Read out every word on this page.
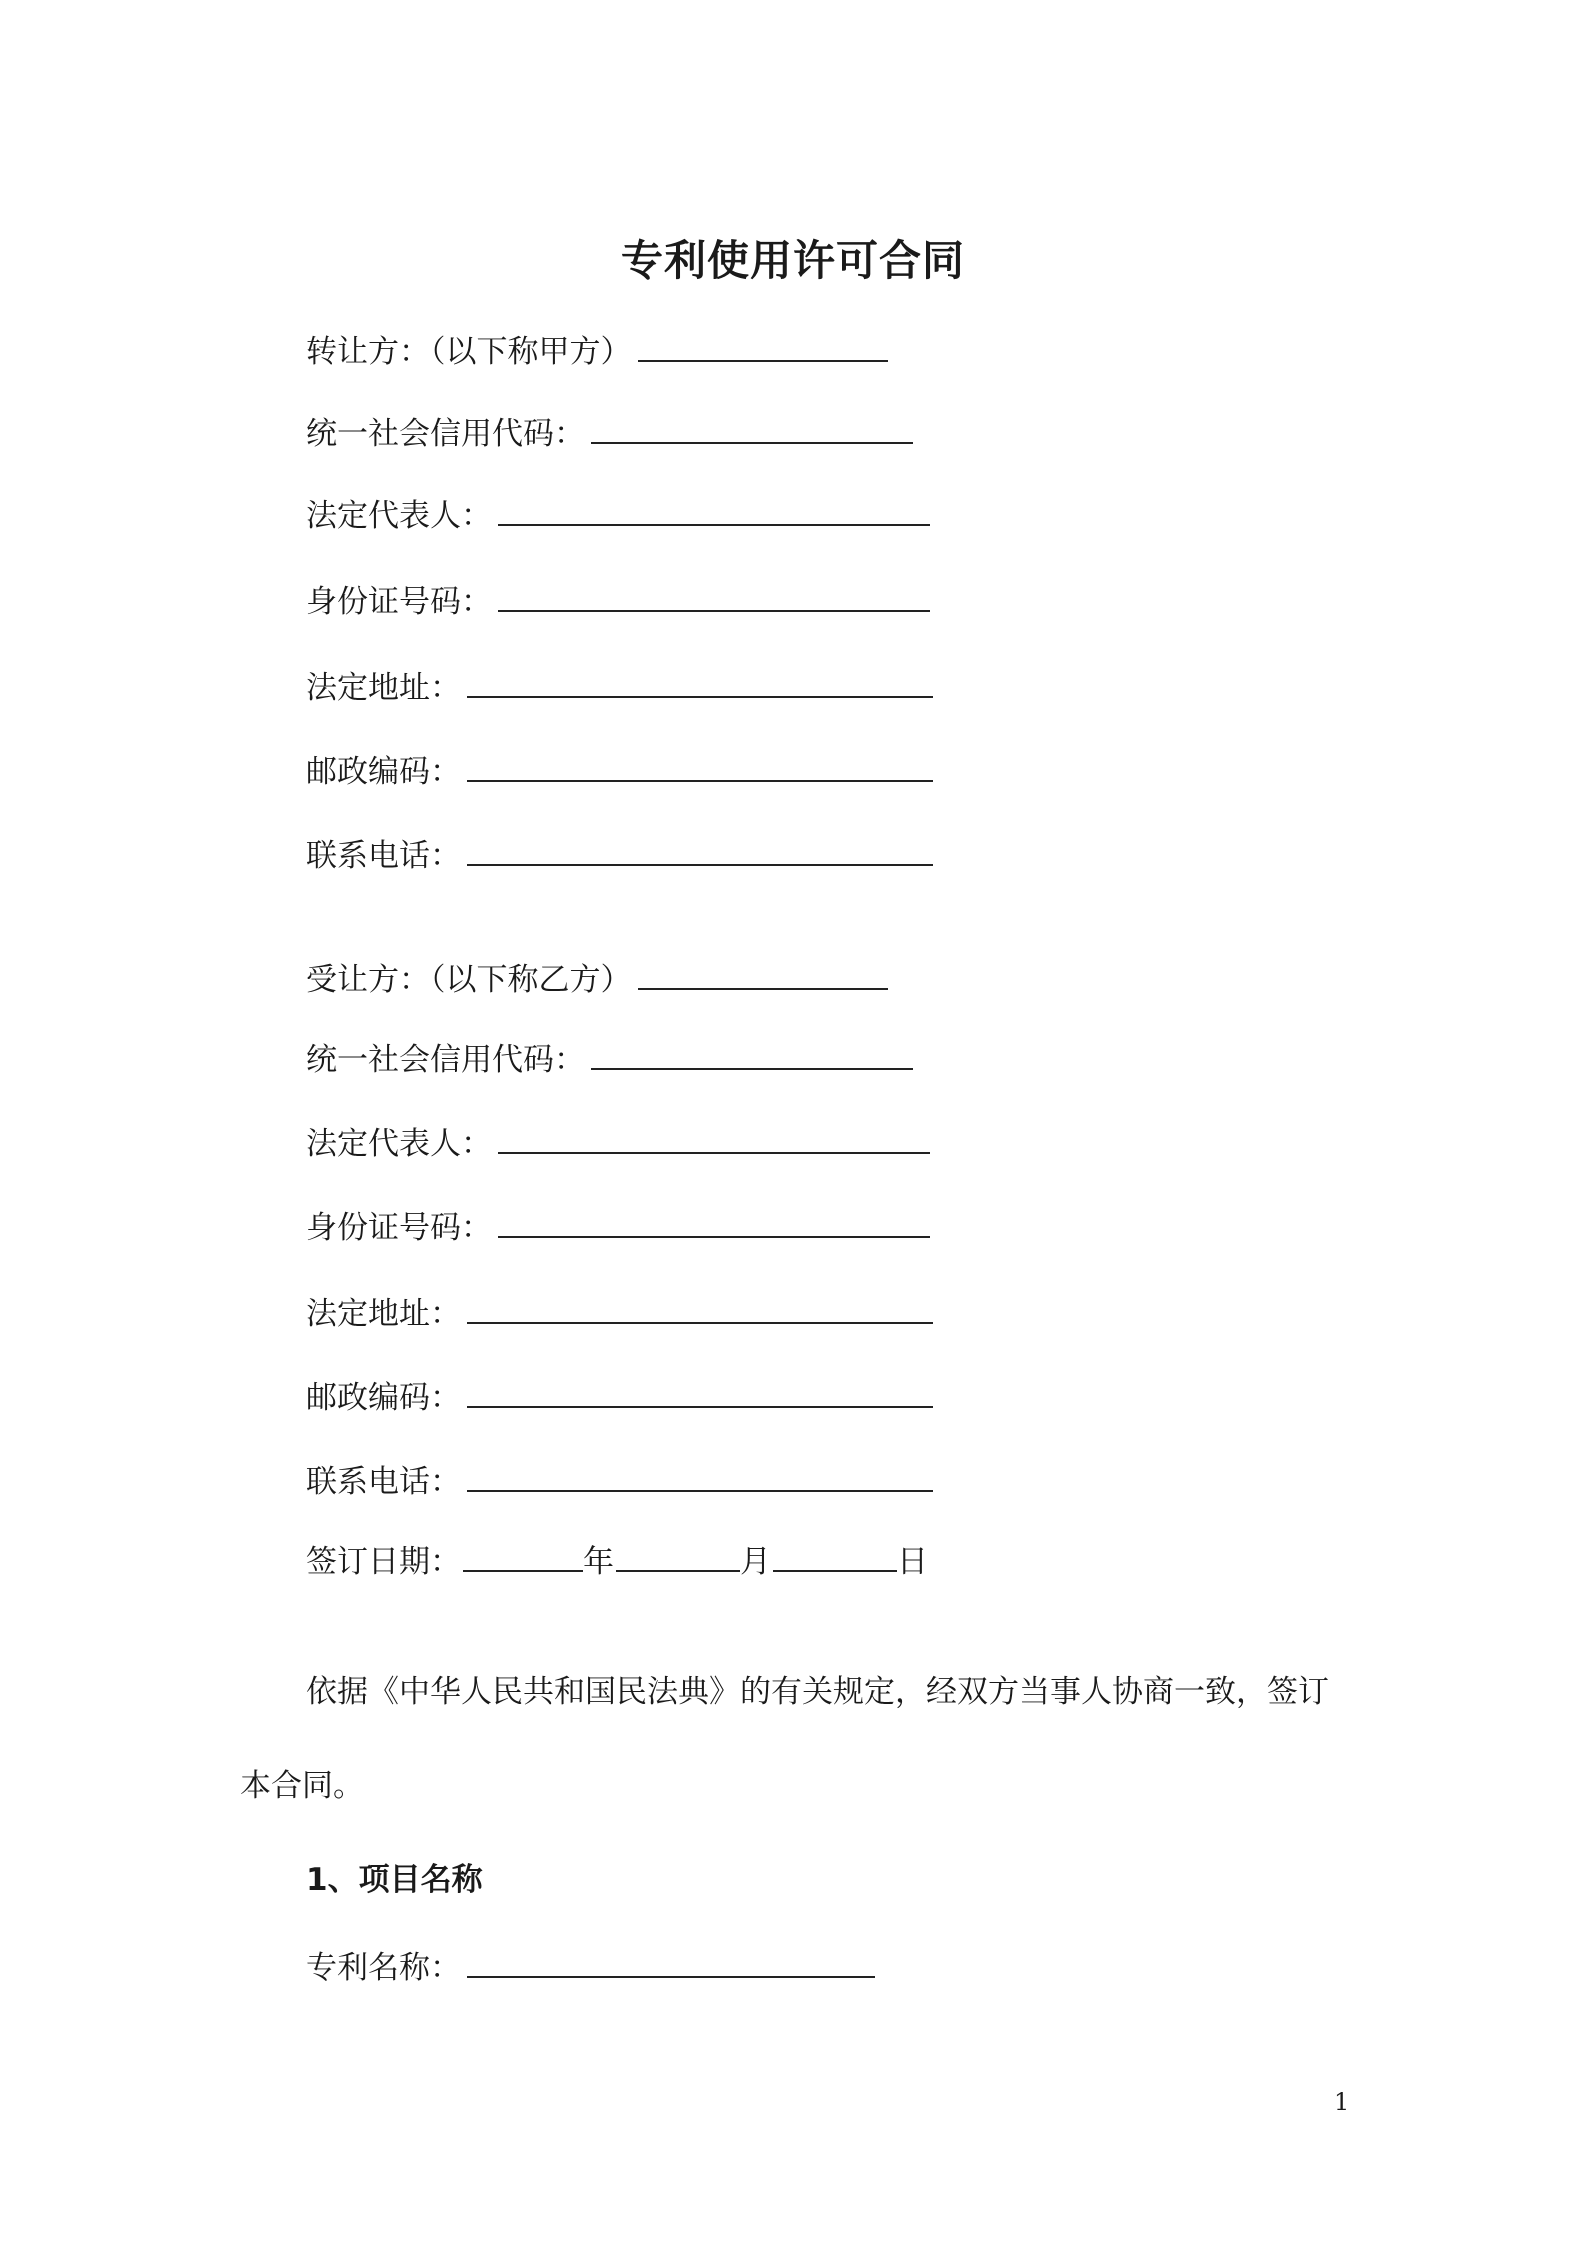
专利使用许可合同
转让方：（以下称甲方）
统一社会信用代码：
法定代表人：
身份证号码：
法定地址：
邮政编码：
联系电话：
受让方：（以下称乙方）
统一社会信用代码：
法定代表人：
身份证号码：
法定地址：
邮政编码：
联系电话：
签订日期：	年	月	日
依据《中华人民共和国民法典》的有关规定，经双方当事人协商一致，签订
本合同。
1、项目名称
专利名称：
1
